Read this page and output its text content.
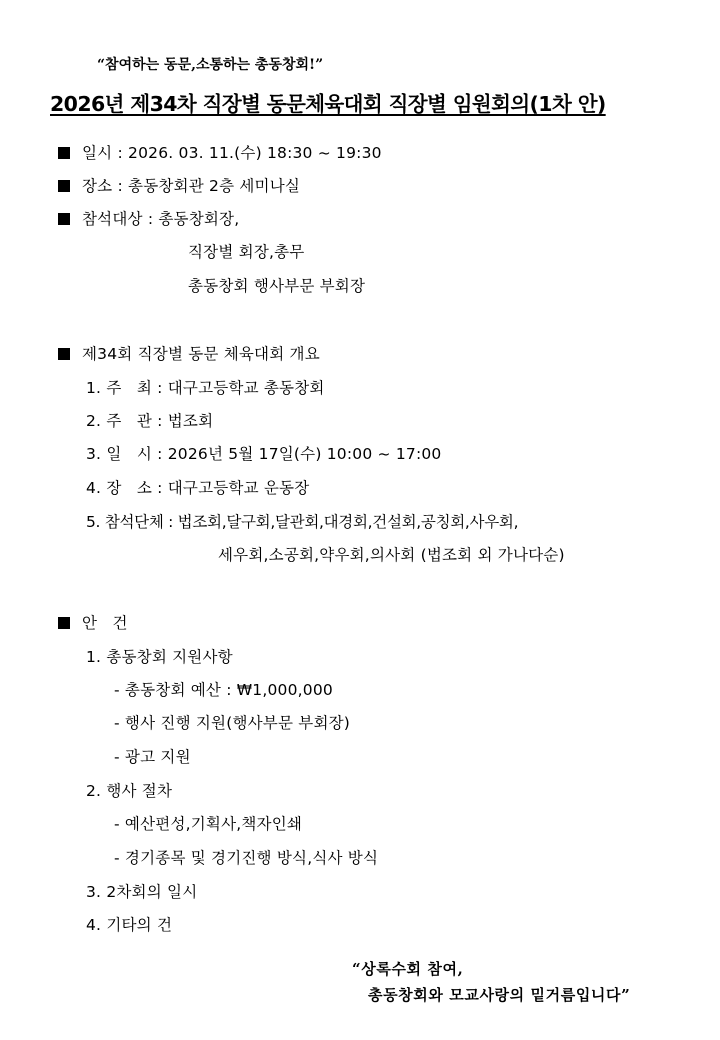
“참여하는 동문,소통하는 총동창회!”
2026년 제34차 직장별 동문체육대회 직장별 임원회의(1차 안)
일시 : 2026. 03. 11.(수) 18:30 ~ 19:30
장소 : 총동창회관 2층 세미나실
참석대상 : 총동창회장,
직장별 회장,총무
총동창회 행사부문 부회장
제34회 직장별 동문 체육대회 개요
1. 주   최 : 대구고등학교 총동창회
2. 주   관 : 법조회
3. 일   시 : 2026년 5월 17일(수) 10:00 ~ 17:00
4. 장   소 : 대구고등학교 운동장
5. 참석단체 : 법조회,달구회,달관회,대경회,건설회,공칭회,사우회,
세우회,소공회,약우회,의사회 (법조회 외 가나다순)
안   건
1. 총동창회 지원사항
- 총동창회 예산 : ₩1,000,000
- 행사 진행 지원(행사부문 부회장)
- 광고 지원
2. 행사 절차
- 예산편성,기획사,책자인쇄
- 경기종목 및 경기진행 방식,식사 방식
3. 2차회의 일시
4. 기타의 건
“상록수회 참여,
총동창회와 모교사랑의 밑거름입니다”
